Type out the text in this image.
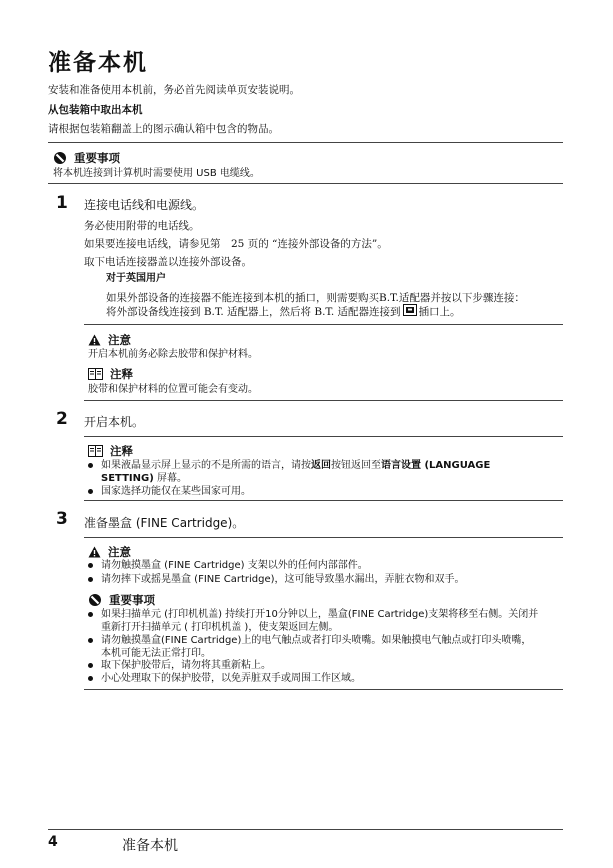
准备本机
安装和准备使用本机前，务必首先阅读单页安装说明。
从包装箱中取出本机
请根据包装箱翻盖上的图示确认箱中包含的物品。
重要事项
将本机连接到计算机时需要使用 USB 电缆线。
1 连接电话线和电源线。
务必使用附带的电话线。
如果要连接电话线，请参见第　25 页的 “连接外部设备的方法”。
取下电话连接器盖以连接外部设备。
对于英国用户
如果外部设备的连接器不能连接到本机的插口，则需要购买B.T.适配器并按以下步骤连接：
将外部设备线连接到 B.T. 适配器上，然后将 B.T. 适配器连接到 插口上。
注意
开启本机前务必除去胶带和保护材料。
注释
胶带和保护材料的位置可能会有变动。
2 开启本机。
注释
如果液晶显示屏上显示的不是所需的语言，请按返回按钮返回至语言设置 (LANGUAGE SETTING) 屏幕。
国家选择功能仅在某些国家可用。
3 准备墨盒 (FINE Cartridge)。
注意
请勿触摸墨盒 (FINE Cartridge) 支架以外的任何内部部件。
请勿摔下或摇晃墨盒 (FINE Cartridge)，这可能导致墨水漏出，弄脏衣物和双手。
重要事项
如果扫描单元 (打印机机盖) 持续打开10分钟以上，墨盒(FINE Cartridge)支架将移至右侧。关闭并
重新打开扫描单元 ( 打印机机盖 )，使支架返回左侧。
请勿触摸墨盒(FINE Cartridge)上的电气触点或者打印头喷嘴。如果触摸电气触点或打印头喷嘴，
本机可能无法正常打印。
取下保护胶带后，请勿将其重新粘上。
小心处理取下的保护胶带，以免弄脏双手或周围工作区域。
4	准备本机
